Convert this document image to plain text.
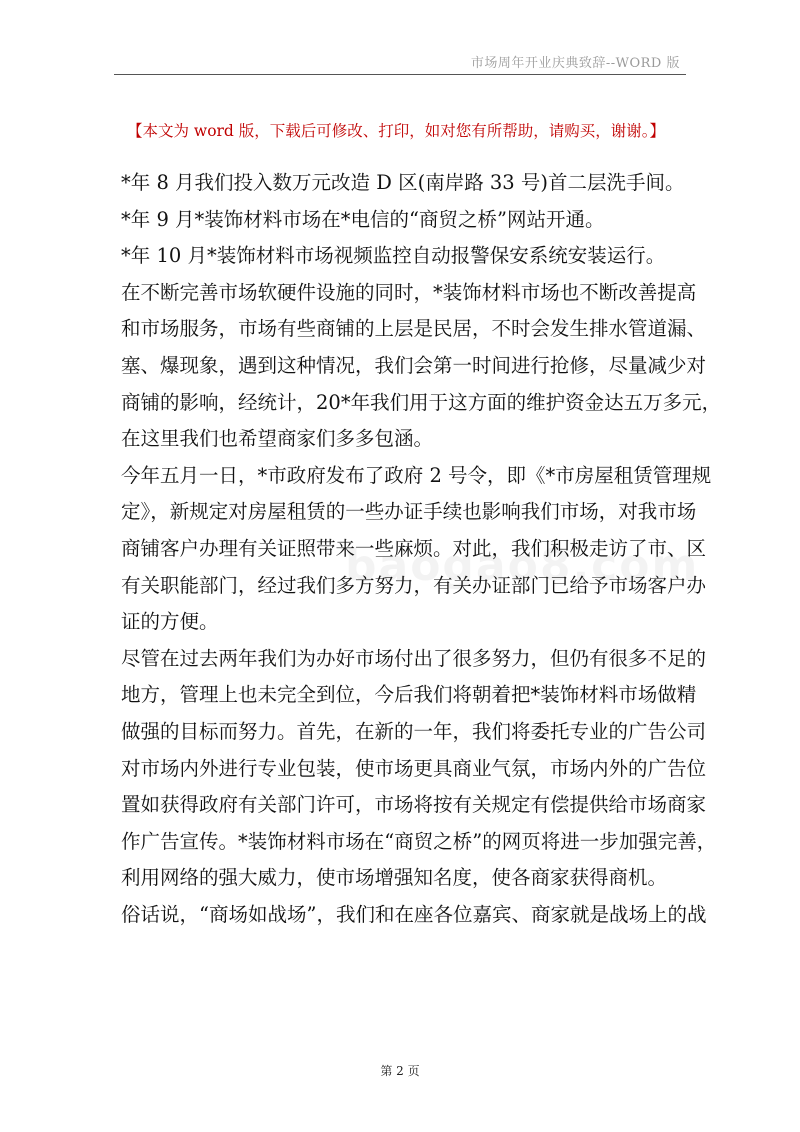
市场周年开业庆典致辞--WORD 版
【本文为 word 版，下载后可修改、打印，如对您有所帮助，请购买，谢谢。】
*年 8 月我们投入数万元改造 D 区(南岸路 33 号)首二层洗手间。
*年 9 月*装饰材料市场在*电信的“商贸之桥”网站开通。
*年 10 月*装饰材料市场视频监控自动报警保安系统安装运行。
在不断完善市场软硬件设施的同时，*装饰材料市场也不断改善提高
和市场服务，市场有些商铺的上层是民居，不时会发生排水管道漏、
塞、爆现象，遇到这种情况，我们会第一时间进行抢修，尽量减少对
商铺的影响，经统计，20*年我们用于这方面的维护资金达五万多元，
在这里我们也希望商家们多多包涵。
今年五月一日，*市政府发布了政府 2 号令，即《*市房屋租赁管理规
定》，新规定对房屋租赁的一些办证手续也影响我们市场，对我市场
商铺客户办理有关证照带来一些麻烦。对此，我们积极走访了市、区
有关职能部门，经过我们多方努力，有关办证部门已给予市场客户办
证的方便。
尽管在过去两年我们为办好市场付出了很多努力，但仍有很多不足的
地方，管理上也未完全到位，今后我们将朝着把*装饰材料市场做精
做强的目标而努力。首先，在新的一年，我们将委托专业的广告公司
对市场内外进行专业包装，使市场更具商业气氛，市场内外的广告位
置如获得政府有关部门许可，市场将按有关规定有偿提供给市场商家
作广告宣传。*装饰材料市场在“商贸之桥”的网页将进一步加强完善，
利用网络的强大威力，使市场增强知名度，使各商家获得商机。
俗话说，“商场如战场”，我们和在座各位嘉宾、商家就是战场上的战
第 2 页
